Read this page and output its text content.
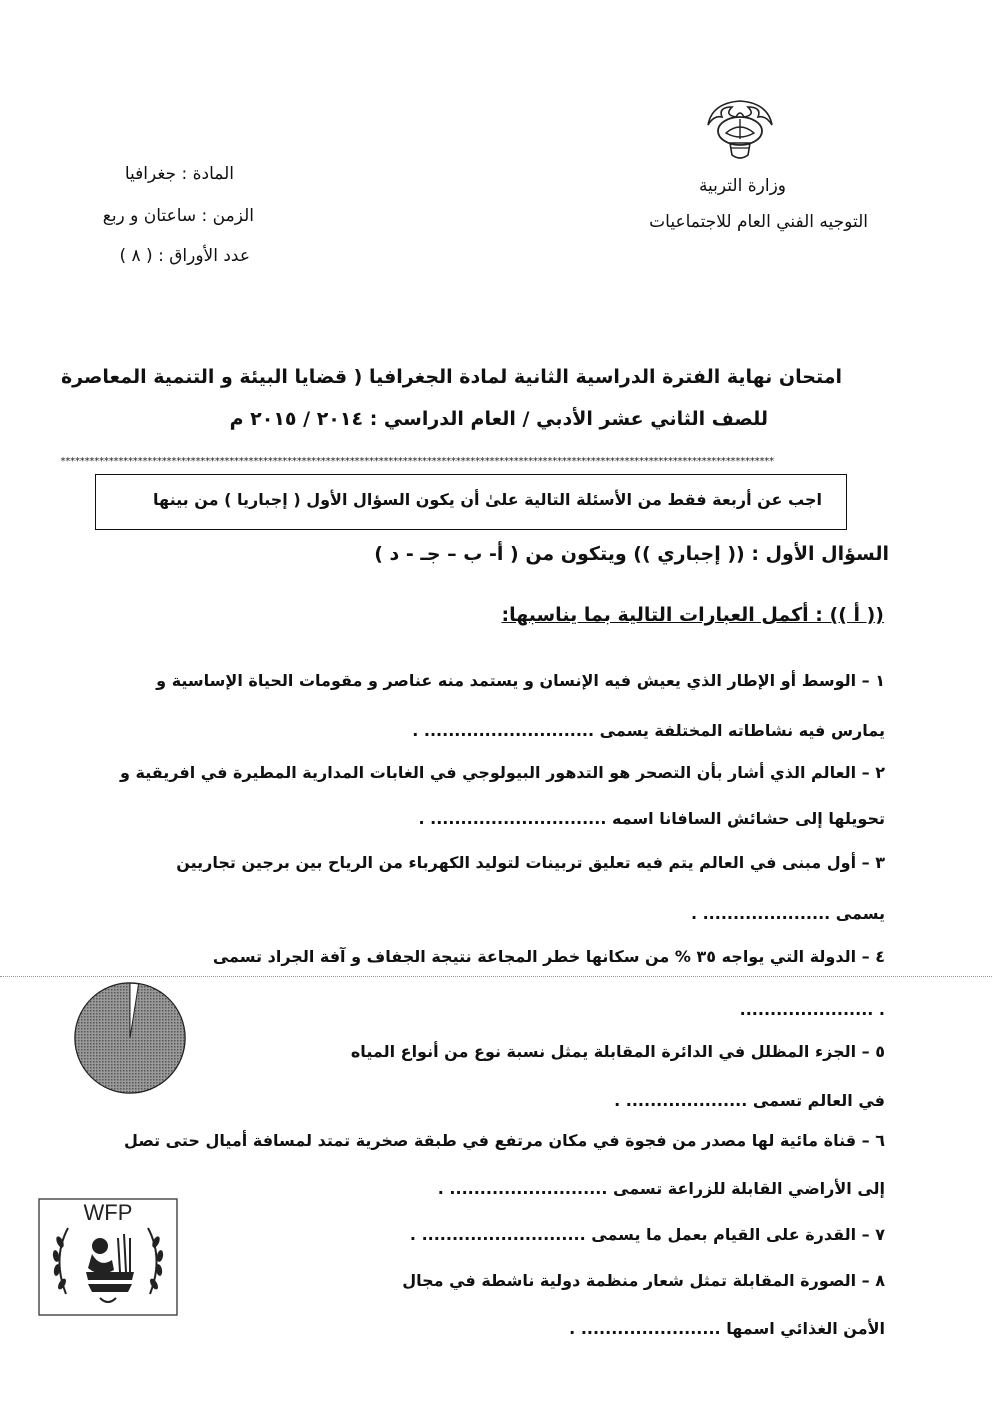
وزارة التربية
التوجيه الفني العام للاجتماعيات
المادة : جغرافيا
الزمن : ساعتان و ربع
عدد الأوراق : ( ٨ )
امتحان نهاية الفترة الدراسية الثانية لمادة الجغرافيا ( قضايا البيئة و التنمية المعاصرة
للصف الثاني عشر الأدبي / العام الدراسي : ٢٠١٤ / ٢٠١٥ م
****************************************************************************************************************************************************
اجب عن أربعة فقط من الأسئلة التالية علىٰ أن يكون السؤال الأول ( إجباريا ) من بينها
السؤال الأول : (( إجباري )) ويتكون من ( أ- ب – جـ - د )
(( أ )) : أكمل العبارات التالية بما يناسبها:
١ – الوسط أو الإطار الذي يعيش فيه الإنسان و يستمد منه عناصر و مقومات الحياة الإساسية و
يمارس فيه نشاطاته المختلفة يسمى ............................ .
٢ – العالم الذي أشار بأن التصحر هو التدهور البيولوجي في الغابات المدارية المطيرة في افريقية و
تحويلها إلى حشائش السافانا اسمه ............................. .
٣ – أول مبنى في العالم يتم فيه تعليق تربينات لتوليد الكهرباء من الرياح بين برجين تجاريين
يسمى ..................... .
٤ – الدولة التي يواجه ٣٥ % من سكانها خطر المجاعة نتيجة الجفاف و آفة الجراد تسمى
...................... .
٥ – الجزء المظلل في الدائرة المقابلة يمثل نسبة نوع من أنواع المياه
في العالم تسمى .................... .
٦ – قناة مائية لها مصدر من فجوة في مكان مرتفع في طبقة صخرية تمتد لمسافة أميال حتى تصل
إلى الأراضي القابلة للزراعة تسمى .......................... .
٧ – القدرة على القيام بعمل ما يسمى ........................... .
٨ – الصورة المقابلة تمثل شعار منظمة دولية ناشطة في مجال
الأمن الغذائي اسمها ....................... .
WFP
